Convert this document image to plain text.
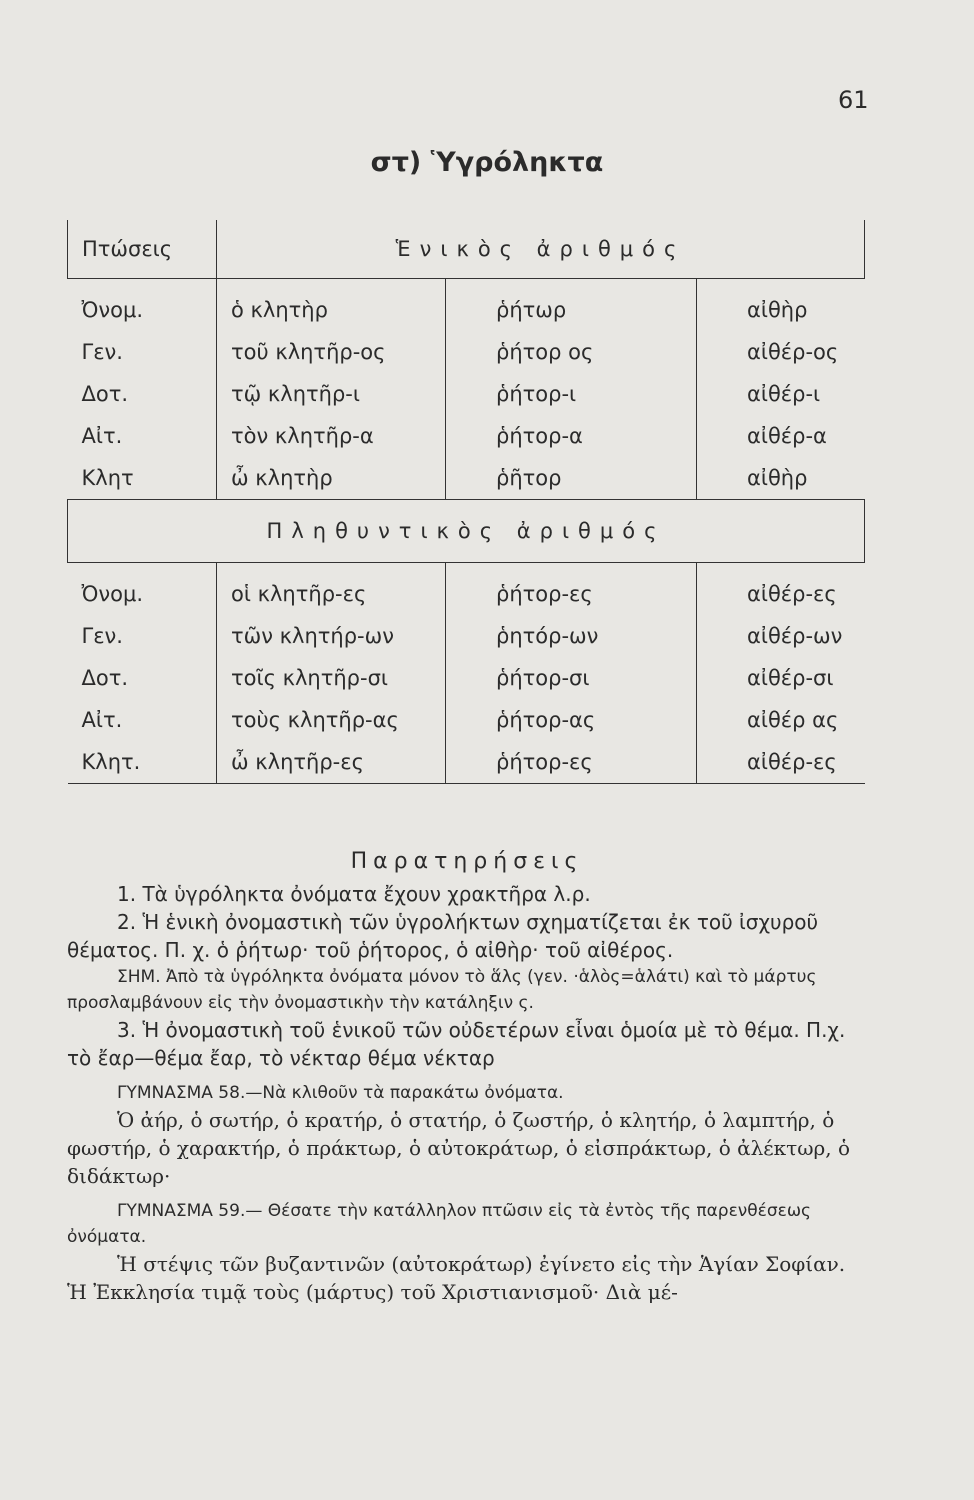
61
στ) Ὑγρόληκτα
Πτώσεις	Ἑνικὸς ἀριθμός		
Ὀνομ.	ὁ κλητὴρ	ῥήτωρ	αἰθὴρ
Γεν.	τοῦ κλητῆρ-ος	ῥήτορ ος	αἰθέρ-ος
Δοτ.	τῷ κλητῆρ-ι	ῥήτορ-ι	αἰθέρ-ι
Αἰτ.	τὸν κλητῆρ-α	ῥήτορ-α	αἰθέρ-α
Κλητ	ὦ κλητὴρ	ῥῆτορ	αἰθὴρ
Πληθυντικὸς ἀριθμός			
Ὀνομ.	οἱ κλητῆρ-ες	ῥήτορ-ες	αἰθέρ-ες
Γεν.	τῶν κλητήρ-ων	ῥητόρ-ων	αἰθέρ-ων
Δοτ.	τοῖς κλητῆρ-σι	ῥήτορ-σι	αἰθέρ-σι
Αἰτ.	τοὺς κλητῆρ-ας	ῥήτορ-ας	αἰθέρ ας
Κλητ.	ὦ κλητῆρ-ες	ῥήτορ-ες	αἰθέρ-ες
Παρατηρήσεις

1. Τὰ ὑγρόληκτα ὀνόματα ἔχουν χρακτῆρα λ.ρ.

2. Ἡ ἑνικὴ ὀνομαστικὴ τῶν ὑγρολήκτων σχηματίζεται ἐκ τοῦ ἰσχυροῦ θέματος. Π. χ. ὁ ῥήτωρ· τοῦ ῥήτορος, ὁ αἰθὴρ· τοῦ αἰθέρος.

ΣΗΜ. Ἀπὸ τὰ ὑγρόληκτα ὀνόματα μόνον τὸ ἅλς (γεν. ·ἁλὸς=ἁλάτι) καὶ τὸ μάρτυς προσλαμβάνουν εἰς τὴν ὀνομαστικὴν τὴν κατάληξιν ς.

3. Ἡ ὀνομαστικὴ τοῦ ἑνικοῦ τῶν οὐδετέρων εἶναι ὁμοία μὲ τὸ θέμα. Π.χ. τὸ ἔαρ—θέμα ἔαρ, τὸ νέκταρ θέμα νέκταρ

ΓΥΜΝΑΣΜΑ 58.—Νὰ κλιθοῦν τὰ παρακάτω ὀνόματα.

Ὁ ἀήρ, ὁ σωτήρ, ὁ κρατήρ, ὁ στατήρ, ὁ ζωστήρ, ὁ κλητήρ, ὁ λαμπτήρ, ὁ φωστήρ, ὁ χαρακτήρ, ὁ πράκτωρ, ὁ αὐτοκράτωρ, ὁ εἰσπράκτωρ, ὁ ἀλέκτωρ, ὁ διδάκτωρ·

ΓΥΜΝΑΣΜΑ 59.— Θέσατε τὴν κατάλληλον πτῶσιν εἰς τὰ ἐντὸς τῆς παρενθέσεως ὀνόματα.

Ἡ στέψις τῶν βυζαντινῶν (αὐτοκράτωρ) ἐγίνετο εἰς τὴν Ἁγίαν Σοφίαν. Ἡ Ἐκκλησία τιμᾷ τοὺς (μάρτυς) τοῦ Χριστιανισμοῦ· Διὰ μέ-
